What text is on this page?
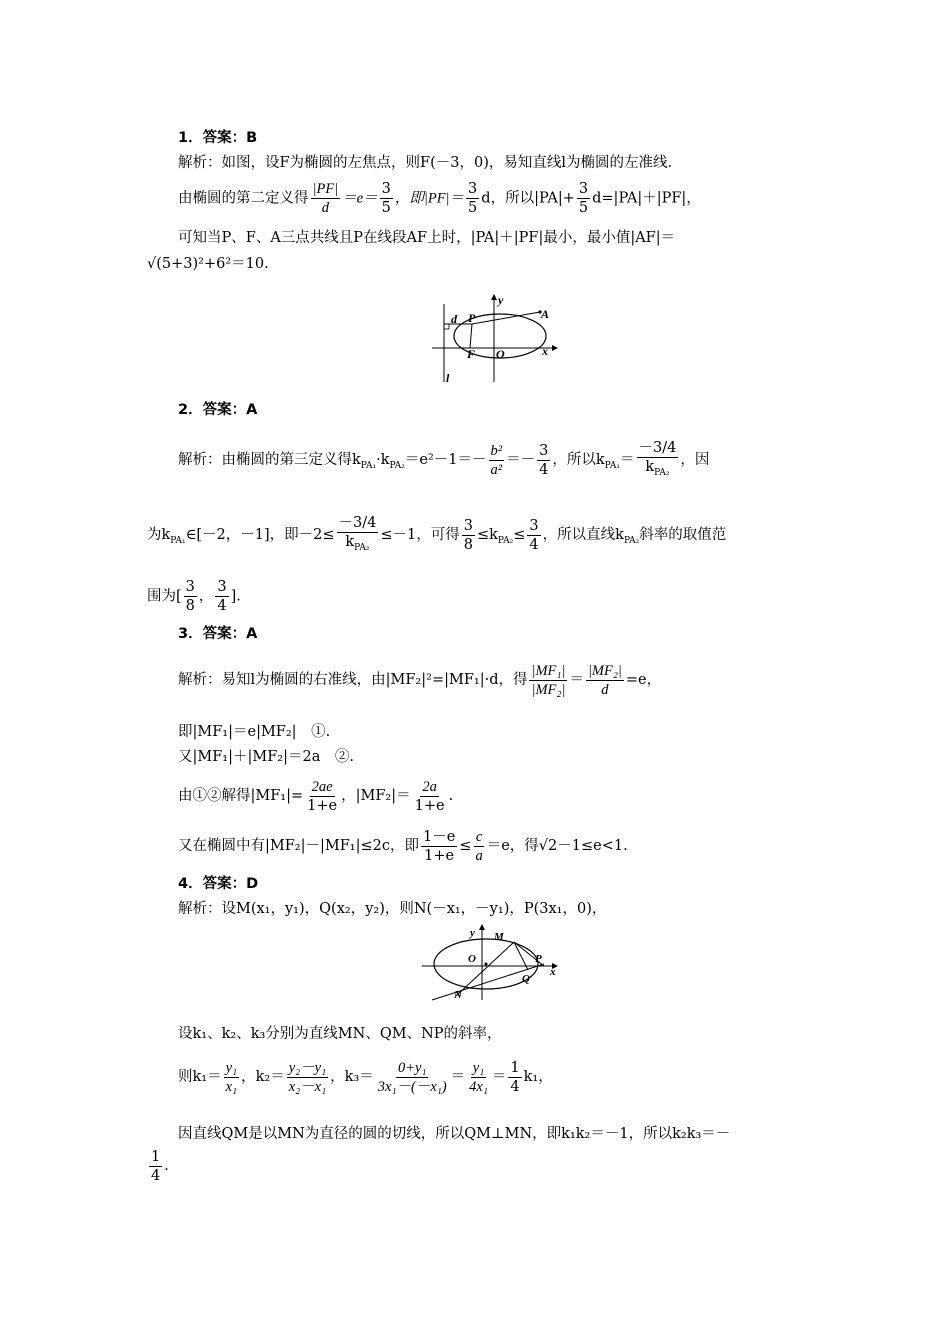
1．答案：B
解析：如图，设F为椭圆的左焦点，则F(－3，0)，易知直线l为椭圆的左准线．
由椭圆的第二定义得 $\frac{|PF|}{d} =e= \frac{3}{5}$ ，即$|PF|= \frac{3}{5}$ d，所以$|PA|+ \frac{3}{5} d=|PA|+|PF|$，
可知当P、F、A三点共线且P在线段AF上时，|PA|＋|PF|最小，最小值|AF|＝
√(5+3)²+6²＝10.
d P
y
A
F O	x
l
2．答案：A
解析：由椭圆的第三定义得$k_{PA_1}\cdot k_{PA_2}=e^2-1=- \frac{\text{b²}}{\text{a²}} =- \frac{3}{4}$ ，所以$k_{PA_1}= \frac{-3/4}{k_{PA_2}}$ ，因
为$k_{PA_1}\in[-2$，－1]，即$-2\le \frac{-3/4}{k_{PA_2}} \le-1$，可得 $\frac{3}{8} \le k_{PA_2}\le \frac{3}{4}$ ，所以直线$k_{PA_2}$斜率的取值范
围为[ $\frac{3}{8}$ ， $\frac{3}{4}$ ].
3．答案：A
解析：易知l为椭圆的右准线，由|MF₂|²=|MF₁|·d，得 $\frac{\text{|MF₁|}}{\text{|MF₂|}} = \frac{\text{|MF₂|}}{d} =e$，
即|MF₁|＝e|MF₂|　①.
又|MF₁|＋|MF₂|＝2a　②.
由①②解得$|MF_1|= \frac{2ae}{1+e}$ ，$|MF_2|= \frac{2a}{1+e}$ .
又在椭圆中有|MF₂|－|MF₁|≤2c，即 $\frac{1-e}{1+e} \le \frac{c}{a} =e$，得√2－1≤e<1.
4．答案：D
解析：设M(x₁，y₁)，Q(x₂，y₂)，则N(－x₁，－y₁)，P(3x₁，0)，
y M
O	P
x
Q
N
设k₁、k₂、k₃分别为直线MN、QM、NP的斜率，
则$k_1= \frac{\text{y₁}}{\text{x₁}}$ ，$k_2= \frac{\text{y₂－y₁}}{\text{x₂－x₁}}$ ，$k_3= \frac{\text{0+y₁}}{\text{3x₁－(－x₁)}} = \frac{\text{y₁}}{\text{4x₁}} = \frac{1}{4} k_1$，
因直线QM是以MN为直径的圆的切线，所以QM⊥MN，即k₁k₂＝－1，所以k₂k₃＝－
$\frac{1}{4}$ .
